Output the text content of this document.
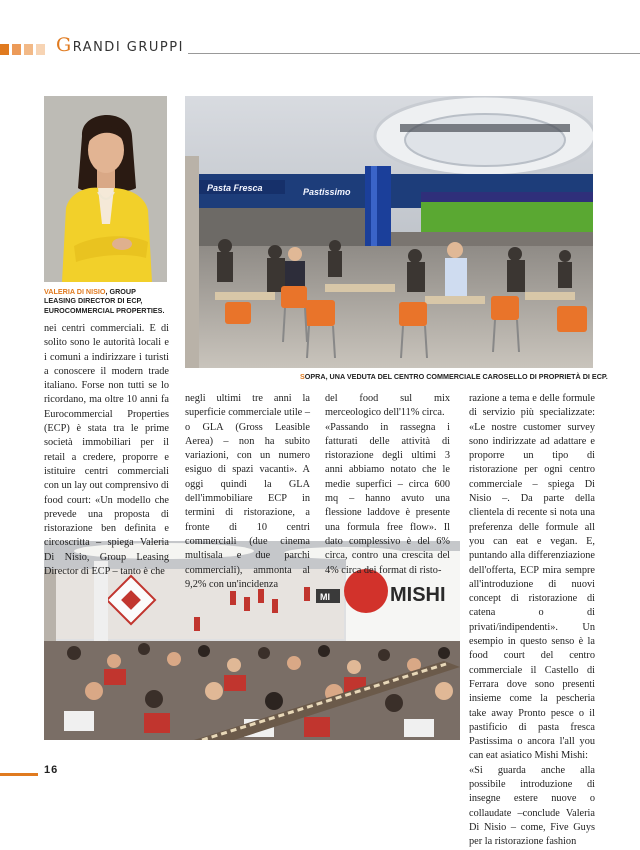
GRANDI GRUPPI
VALERIA DI NISIO, GROUP LEASING DIRECTOR DI ECP, EUROCOMMERCIAL PROPERTIES.
Pasta Fresca	Pastissimo
SOPRA, UNA VEDUTA DEL CENTRO COMMERCIALE CAROSELLO DI PROPRIETÀ DI ECP.
MI	MISHI

nei centri commerciali. E di solito sono le autorità locali e i comuni a indirizzare i turisti a conoscere il modern trade italiano. Forse non tutti se lo ricordano, ma oltre 10 anni fa Eurocommercial Properties (ECP) è stata tra le prime società immobiliari per il retail a credere, proporre e istituire centri commerciali con un lay out comprensivo di food court: «Un modello che prevede una proposta di ristorazione ben definita e circoscritta – spiega Valeria Di Nisio, Group Leasing Director di ECP – tanto è che

negli ultimi tre anni la superficie commerciale utile – o GLA (Gross Leasible Aerea) – non ha subito variazioni, con un numero esiguo di spazi vacanti». A oggi quindi la GLA dell'immobiliare ECP in termini di ristorazione, a fronte di 10 centri commerciali (due cinema multisala e due parchi commerciali), ammonta al 9,2% con un'incidenza

del food sul mix merceologico dell'11% circa.

«Passando in rassegna i fatturati delle attività di ristorazione degli ultimi 3 anni abbiamo notato che le medie superfici – circa 600 mq – hanno avuto una flessione laddove è presente una formula free flow». Il dato complessivo è del 6% circa, contro una crescita del 4% circa dei format di risto-

razione a tema e delle formule di servizio più specializzate: «Le nostre customer survey sono indirizzate ad adattare e proporre un tipo di ristorazione per ogni centro commerciale – spiega Di Nisio –. Da parte della clientela di recente si nota una preferenza delle formule all you can eat e vegan. E, puntando alla differenziazione dell'offerta, ECP mira sempre all'introduzione di nuovi concept di ristorazione di catena o di privati/indipendenti». Un esempio in questo senso è la food court del centro commerciale il Castello di Ferrara dove sono presenti insieme come la pescheria take away Pronto pesce o il pastificio di pasta fresca Pastissima o ancora l'all you can eat asiatico Mishi Mishi:

«Si guarda anche alla possibile introduzione di insegne estere nuove o collaudate –conclude Valeria Di Nisio – come, Five Guys per la ristorazione fashion

16
